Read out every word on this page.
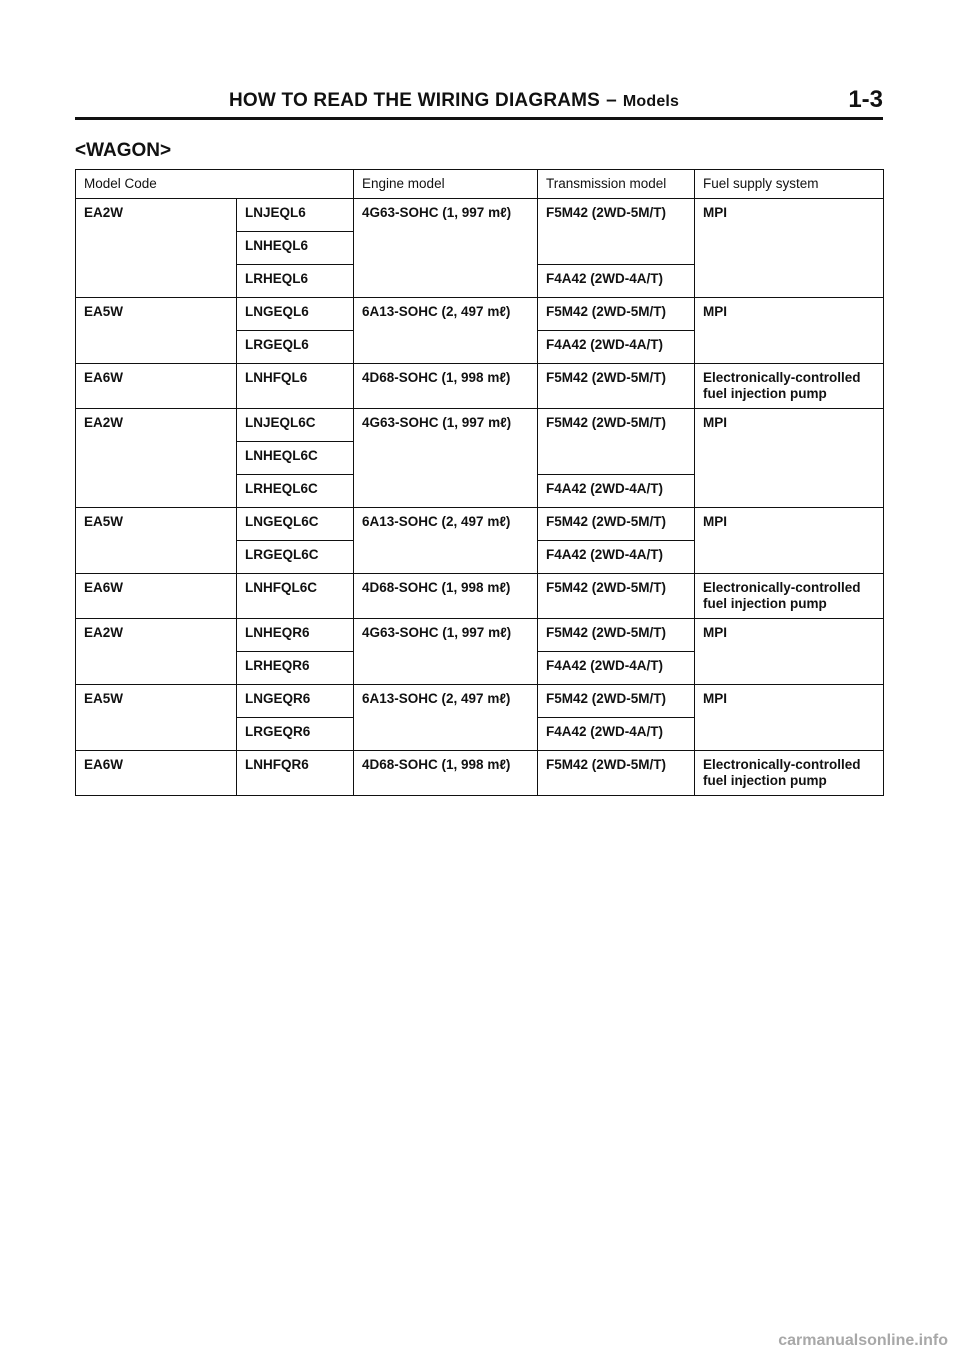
HOW TO READ THE WIRING DIAGRAMS – Models	1-3
<WAGON>
Model Code		Engine model	Transmission model	Fuel supply system
EA2W	LNJEQL6	4G63-SOHC (1, 997 mℓ)	F5M42 (2WD-5M/T)	MPI
	LNHEQL6			
	LRHEQL6		F4A42 (2WD-4A/T)	
EA5W	LNGEQL6	6A13-SOHC (2, 497 mℓ)	F5M42 (2WD-5M/T)	MPI
	LRGEQL6		F4A42 (2WD-4A/T)	
EA6W	LNHFQL6	4D68-SOHC (1, 998 mℓ)	F5M42 (2WD-5M/T)	Electronically-controlled fuel injection pump
EA2W	LNJEQL6C	4G63-SOHC (1, 997 mℓ)	F5M42 (2WD-5M/T)	MPI
	LNHEQL6C			
	LRHEQL6C		F4A42 (2WD-4A/T)	
EA5W	LNGEQL6C	6A13-SOHC (2, 497 mℓ)	F5M42 (2WD-5M/T)	MPI
	LRGEQL6C		F4A42 (2WD-4A/T)	
EA6W	LNHFQL6C	4D68-SOHC (1, 998 mℓ)	F5M42 (2WD-5M/T)	Electronically-controlled fuel injection pump
EA2W	LNHEQR6	4G63-SOHC (1, 997 mℓ)	F5M42 (2WD-5M/T)	MPI
	LRHEQR6		F4A42 (2WD-4A/T)	
EA5W	LNGEQR6	6A13-SOHC (2, 497 mℓ)	F5M42 (2WD-5M/T)	MPI
	LRGEQR6		F4A42 (2WD-4A/T)	
EA6W	LNHFQR6	4D68-SOHC (1, 998 mℓ)	F5M42 (2WD-5M/T)	Electronically-controlled fuel injection pump
carmanualsonline.info
